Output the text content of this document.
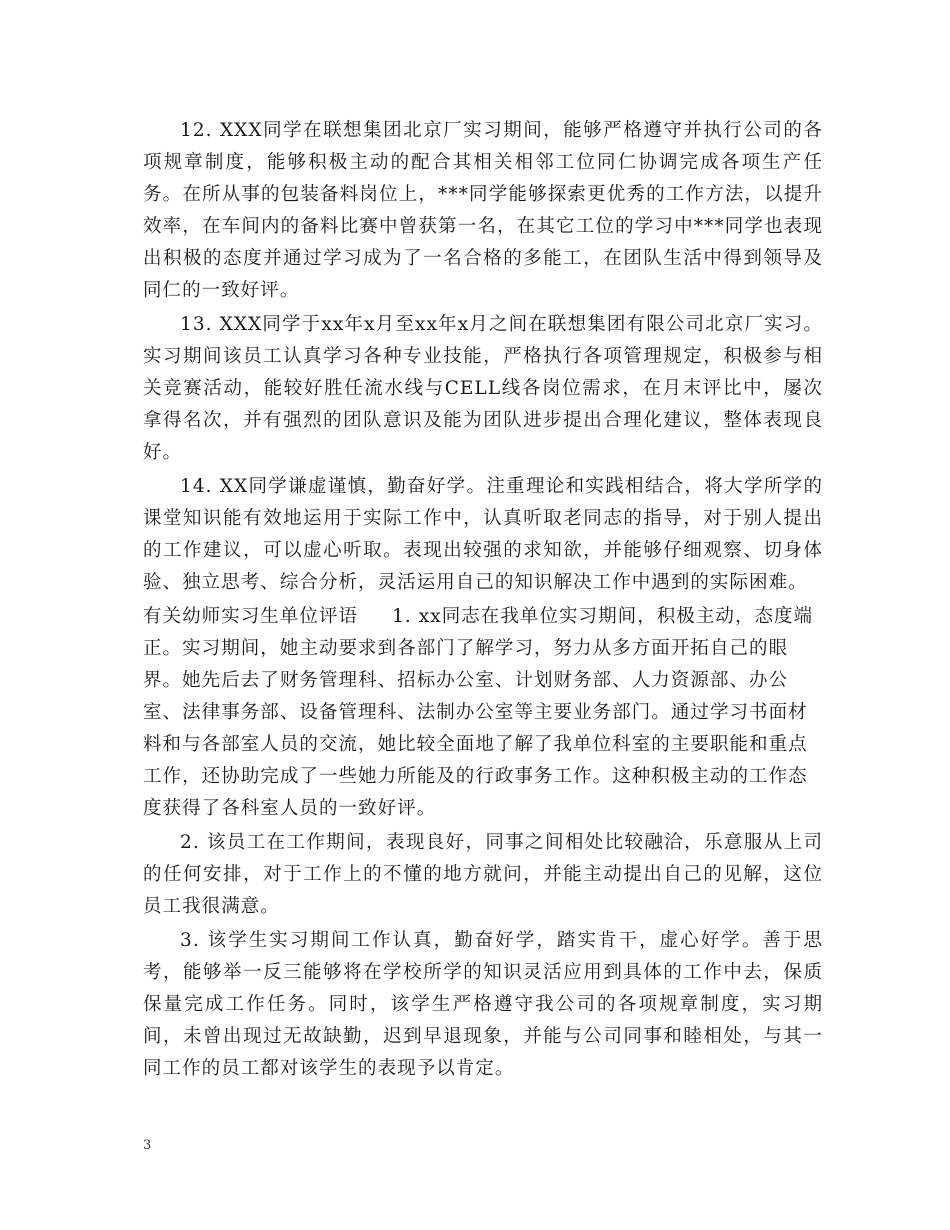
12. XXX同学在联想集团北京厂实习期间，能够严格遵守并执行公司的各项规章制度，能够积极主动的配合其相关相邻工位同仁协调完成各项生产任务。在所从事的包装备料岗位上，***同学能够探索更优秀的工作方法，以提升效率，在车间内的备料比赛中曾获第一名，在其它工位的学习中***同学也表现出积极的态度并通过学习成为了一名合格的多能工，在团队生活中得到领导及同仁的一致好评。

13. XXX同学于xx年x月至xx年x月之间在联想集团有限公司北京厂实习。实习期间该员工认真学习各种专业技能，严格执行各项管理规定，积极参与相关竞赛活动，能较好胜任流水线与CELL线各岗位需求，在月末评比中，屡次拿得名次，并有强烈的团队意识及能为团队进步提出合理化建议，整体表现良好。

14. XX同学谦虚谨慎，勤奋好学。注重理论和实践相结合，将大学所学的课堂知识能有效地运用于实际工作中，认真听取老同志的指导，对于别人提出的工作建议，可以虚心听取。表现出较强的求知欲，并能够仔细观察、切身体验、独立思考、综合分析，灵活运用自己的知识解决工作中遇到的实际困难。

有关幼师实习生单位评语 1. xx同志在我单位实习期间，积极主动，态度端正。实习期间，她主动要求到各部门了解学习，努力从多方面开拓自己的眼界。她先后去了财务管理科、招标办公室、计划财务部、人力资源部、办公室、法律事务部、设备管理科、法制办公室等主要业务部门。通过学习书面材料和与各部室人员的交流，她比较全面地了解了我单位科室的主要职能和重点工作，还协助完成了一些她力所能及的行政事务工作。这种积极主动的工作态度获得了各科室人员的一致好评。

2. 该员工在工作期间，表现良好，同事之间相处比较融洽，乐意服从上司的任何安排，对于工作上的不懂的地方就问，并能主动提出自己的见解，这位员工我很满意。

3. 该学生实习期间工作认真，勤奋好学，踏实肯干，虚心好学。善于思考，能够举一反三能够将在学校所学的知识灵活应用到具体的工作中去，保质保量完成工作任务。同时，该学生严格遵守我公司的各项规章制度，实习期间，未曾出现过无故缺勤，迟到早退现象，并能与公司同事和睦相处，与其一同工作的员工都对该学生的表现予以肯定。

3
